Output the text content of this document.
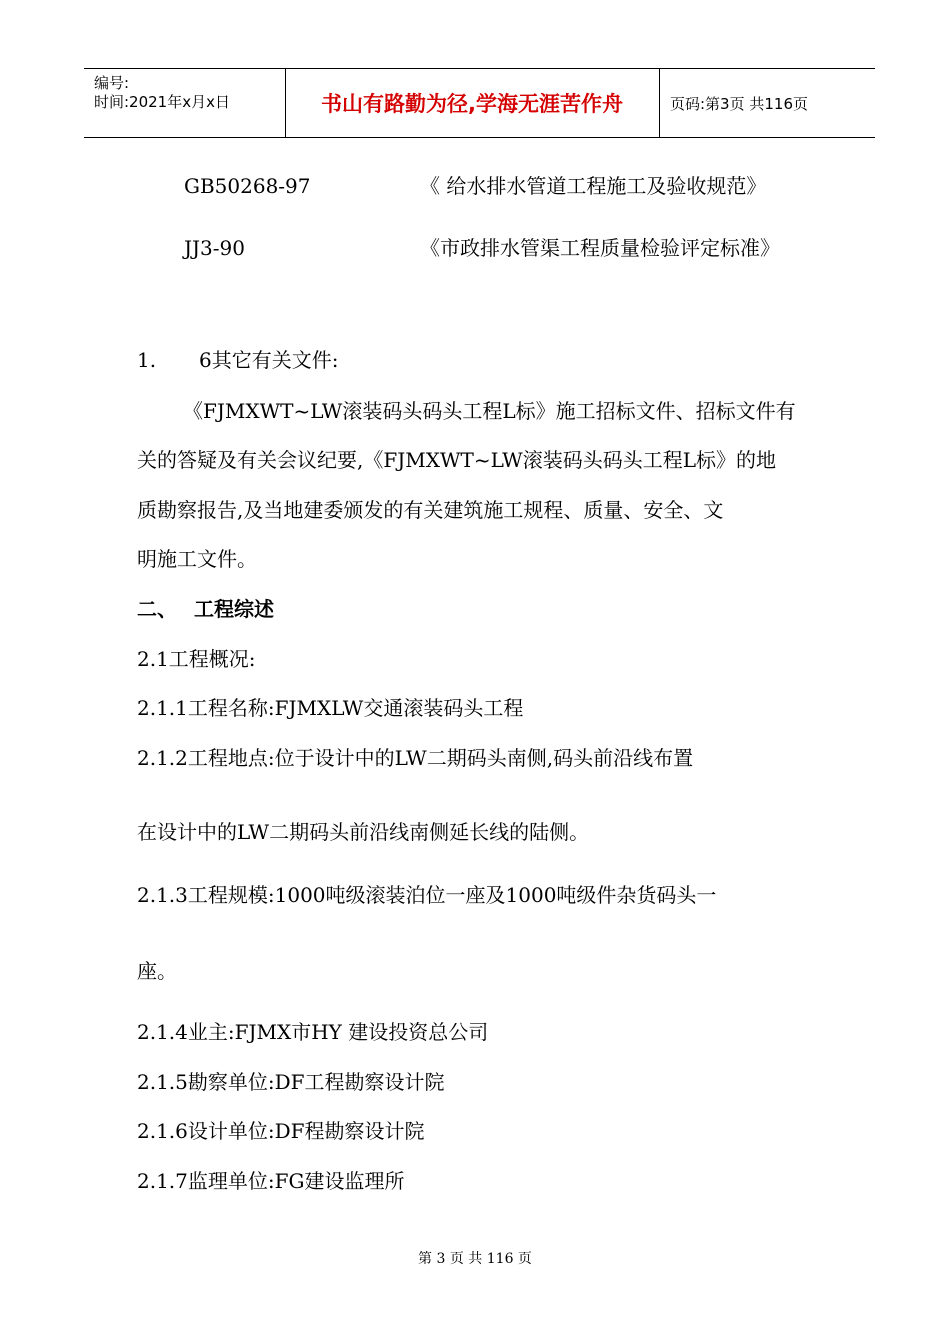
编号:
时间:2021年x月x日	书山有路勤为径,学海无涯苦作舟	页码:第3页 共116页
GB50268-97	《 给水排水管道工程施工及验收规范》
JJ3-90	《市政排水管渠工程质量检验评定标准》
1. 6其它有关文件:
《FJMXWT~LW滚装码头码头工程L标》施工招标文件、招标文件有
关的答疑及有关会议纪要,《FJMXWT~LW滚装码头码头工程L标》的地
质勘察报告,及当地建委颁发的有关建筑施工规程、质量、安全、文
明施工文件。
二、 工程综述
2.1工程概况:
2.1.1工程名称:FJMXLW交通滚装码头工程
2.1.2工程地点:位于设计中的LW二期码头南侧,码头前沿线布置
在设计中的LW二期码头前沿线南侧延长线的陆侧。
2.1.3工程规模:1000吨级滚装泊位一座及1000吨级件杂货码头一
座。
2.1.4业主:FJMX市HY 建设投资总公司
2.1.5勘察单位:DF工程勘察设计院
2.1.6设计单位:DF程勘察设计院
2.1.7监理单位:FG建设监理所
第 3 页 共 116 页
